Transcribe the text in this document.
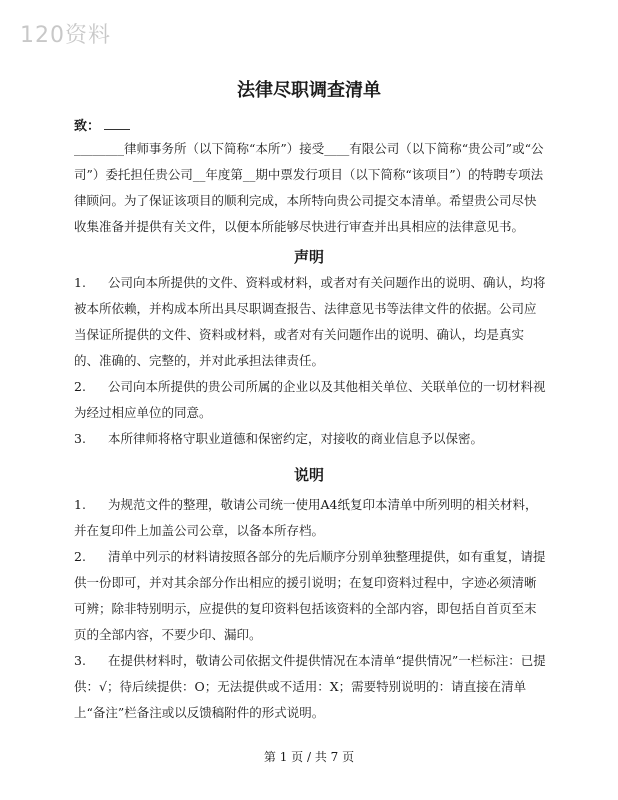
120资料
法律尽职调查清单
致：

________律师事务所（以下简称“本所”）接受____有限公司（以下简称“贵公司”或“公司”）委托担任贵公司__年度第__期中票发行项目（以下简称“该项目”）的特聘专项法律顾问。为了保证该项目的顺利完成，本所特向贵公司提交本清单。希望贵公司尽快收集准备并提供有关文件，以便本所能够尽快进行审查并出具相应的法律意见书。

声明
1. 公司向本所提供的文件、资料或材料，或者对有关问题作出的说明、确认，均将被本所依赖，并构成本所出具尽职调查报告、法律意见书等法律文件的依据。公司应当保证所提供的文件、资料或材料，或者对有关问题作出的说明、确认，均是真实的、准确的、完整的，并对此承担法律责任。
2. 公司向本所提供的贵公司所属的企业以及其他相关单位、关联单位的一切材料视为经过相应单位的同意。
3. 本所律师将格守职业道德和保密约定，对接收的商业信息予以保密。
说明
1. 为规范文件的整理，敬请公司统一使用A4纸复印本清单中所列明的相关材料，并在复印件上加盖公司公章，以备本所存档。
2. 清单中列示的材料请按照各部分的先后顺序分别单独整理提供，如有重复，请提供一份即可，并对其余部分作出相应的援引说明；在复印资料过程中，字迹必须清晰可辨；除非特别明示，应提供的复印资料包括该资料的全部内容，即包括自首页至末页的全部内容，不要少印、漏印。
3. 在提供材料时，敬请公司依据文件提供情况在本清单“提供情况”一栏标注：已提供：√；待后续提供：O；无法提供或不适用：X；需要特别说明的：请直接在清单上“备注”栏备注或以反馈稿附件的形式说明。
第 1 页 / 共 7 页
